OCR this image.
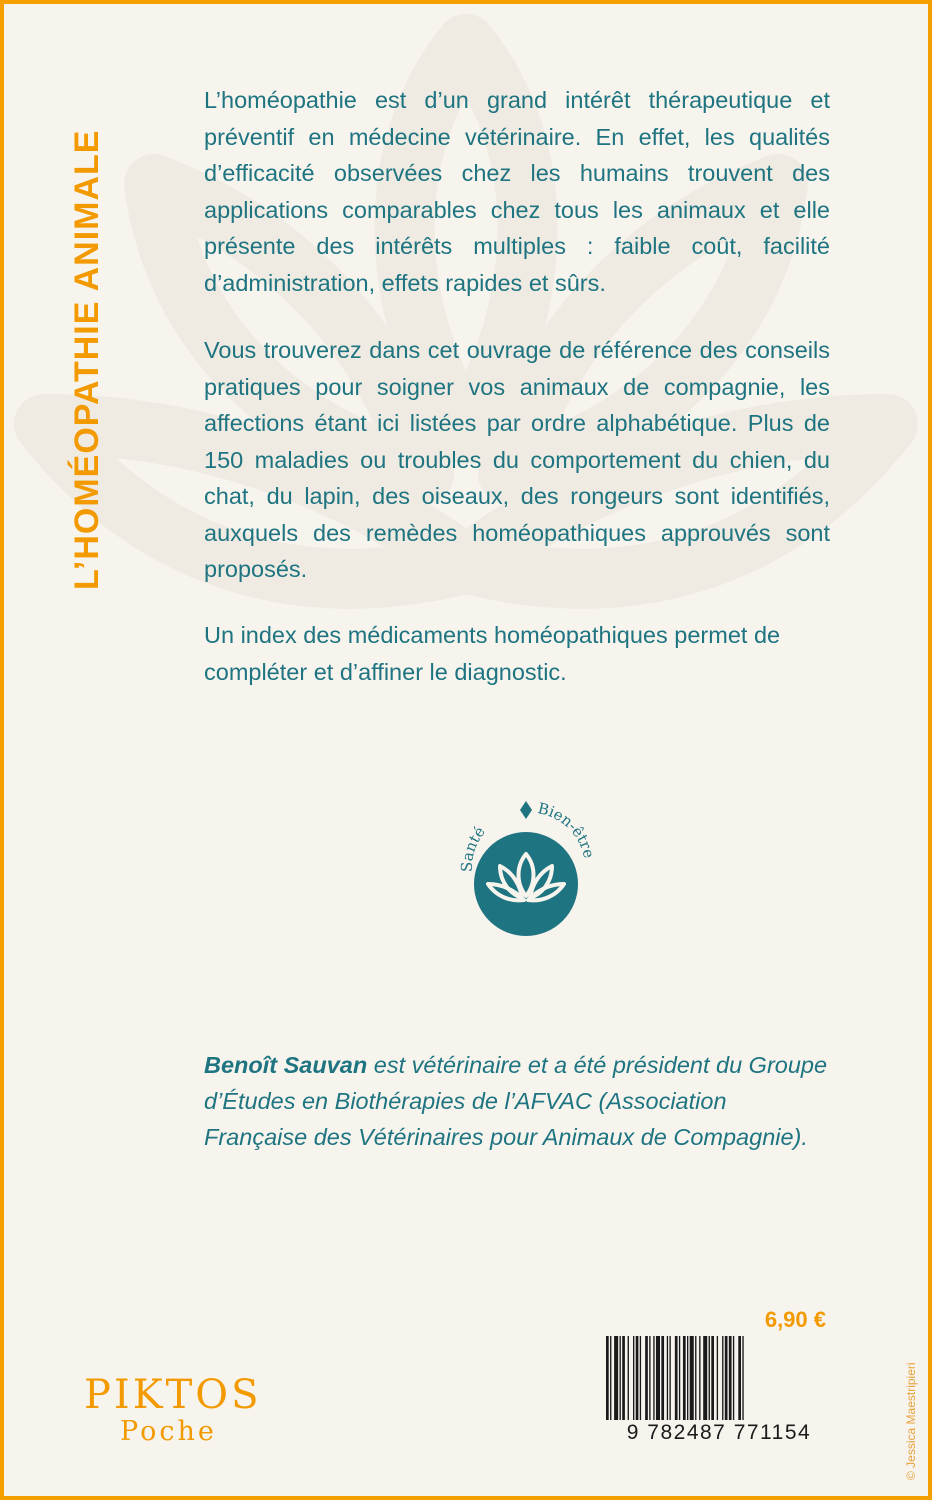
L’HOMÉOPATHIE ANIMALE

L’homéopathie est d’un grand intérêt thérapeutique et préventif en médecine vétérinaire. En effet, les qualités d’efficacité observées chez les humains trouvent des applications comparables chez tous les animaux et elle présente des intérêts multiples : faible coût, facilité d’administration, effets rapides et sûrs.

Vous trouverez dans cet ouvrage de référence des conseils pratiques pour soigner vos animaux de compagnie, les affections étant ici listées par ordre alphabétique. Plus de 150 maladies ou troubles du comportement du chien, du chat, du lapin, des oiseaux, des rongeurs sont identifiés, auxquels des remèdes homéopathiques approuvés sont proposés.

Un index des médicaments homéopathiques permet de compléter et d’affiner le diagnostic.

Santé
Bien-être

Benoît Sauvan est vétérinaire et a été président du Groupe d’Études en Biothérapies de l’AFVAC (Association Française des Vétérinaires pour Animaux de Compagnie).

6,90 €
9 782487 771154	© Jessica Maestripieri
PIKTOS
Poche
